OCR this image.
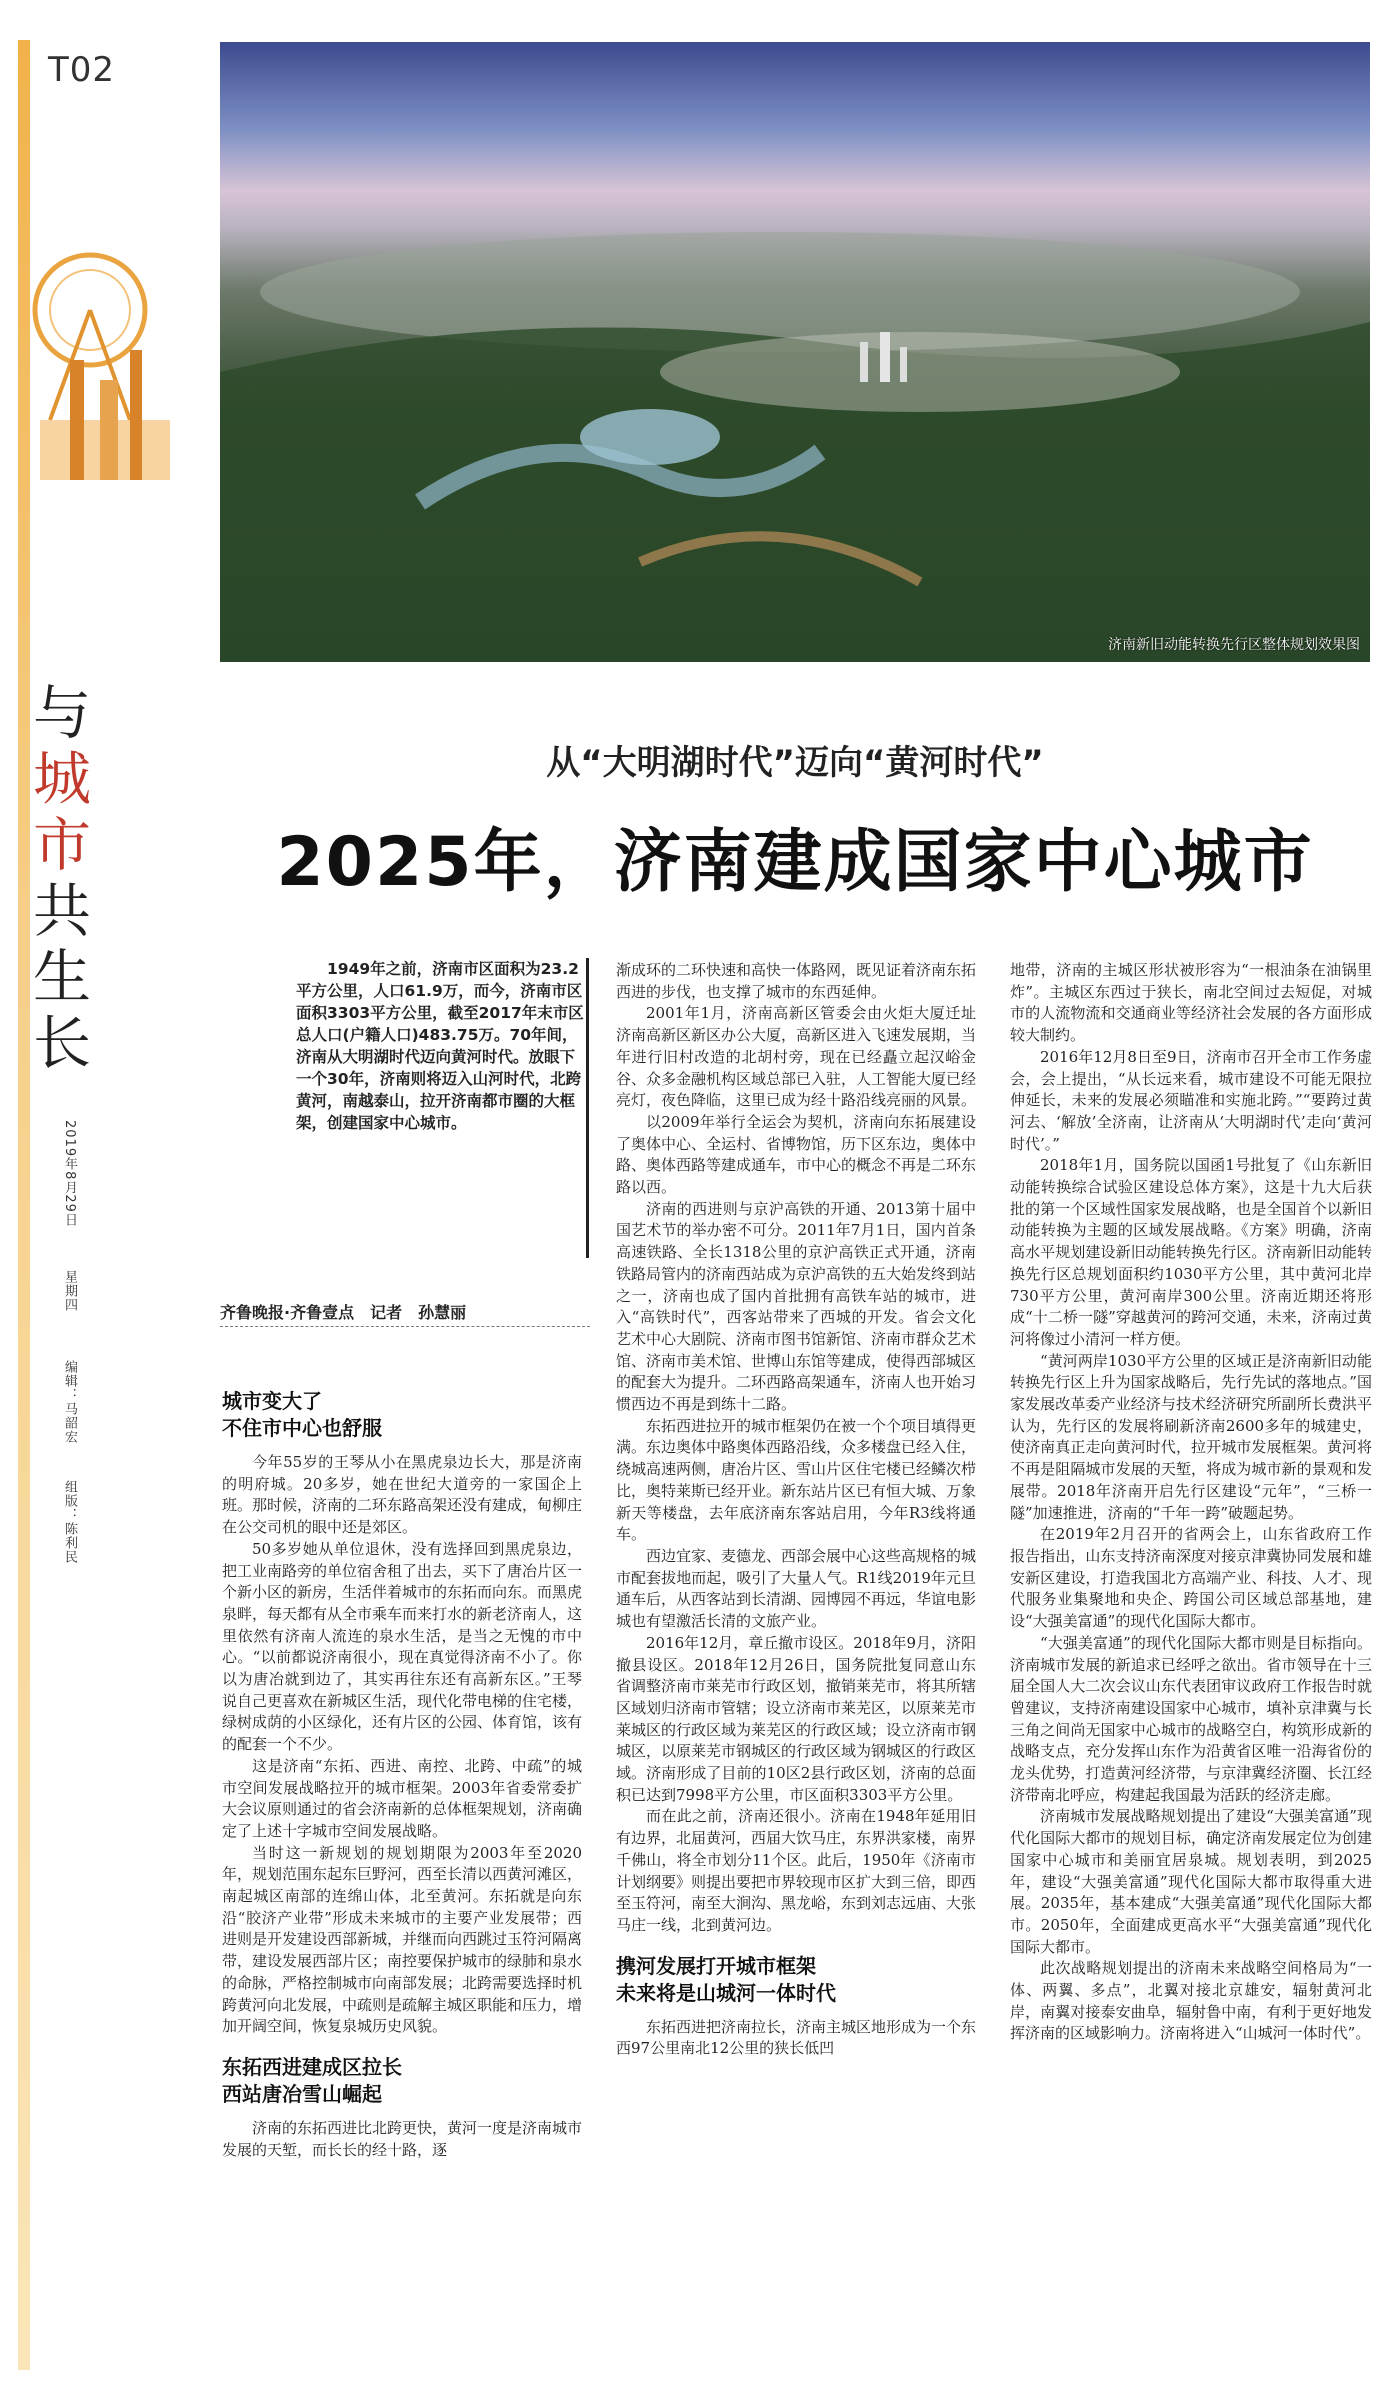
T02
与
城
市
共
生
长
2019年8月29日
星期四
编辑：马韶宏
组版：陈利民
济南新旧动能转换先行区整体规划效果图
从“大明湖时代”迈向“黄河时代”
2025年，济南建成国家中心城市
1949年之前，济南市区面积为23.2平方公里，人口61.9万，而今，济南市区面积3303平方公里，截至2017年末市区总人口(户籍人口)483.75万。70年间，济南从大明湖时代迈向黄河时代。放眼下一个30年，济南则将迈入山河时代，北跨黄河，南越泰山，拉开济南都市圈的大框架，创建国家中心城市。
齐鲁晚报·齐鲁壹点　记者　孙慧丽
城市变大了
不住市中心也舒服

今年55岁的王琴从小在黑虎泉边长大，那是济南的明府城。20多岁，她在世纪大道旁的一家国企上班。那时候，济南的二环东路高架还没有建成，甸柳庄在公交司机的眼中还是郊区。

50多岁她从单位退休，没有选择回到黑虎泉边，把工业南路旁的单位宿舍租了出去，买下了唐冶片区一个新小区的新房，生活伴着城市的东拓而向东。而黑虎泉畔，每天都有从全市乘车而来打水的新老济南人，这里依然有济南人流连的泉水生活，是当之无愧的市中心。“以前都说济南很小，现在真觉得济南不小了。你以为唐冶就到边了，其实再往东还有高新东区。”王琴说自己更喜欢在新城区生活，现代化带电梯的住宅楼，绿树成荫的小区绿化，还有片区的公园、体育馆，该有的配套一个不少。

这是济南“东拓、西进、南控、北跨、中疏”的城市空间发展战略拉开的城市框架。2003年省委常委扩大会议原则通过的省会济南新的总体框架规划，济南确定了上述十字城市空间发展战略。

当时这一新规划的规划期限为2003年至2020年，规划范围东起东巨野河，西至长清以西黄河滩区，南起城区南部的连绵山体，北至黄河。东拓就是向东沿“胶济产业带”形成未来城市的主要产业发展带；西进则是开发建设西部新城，并继而向西跳过玉符河隔离带，建设发展西部片区；南控要保护城市的绿肺和泉水的命脉，严格控制城市向南部发展；北跨需要选择时机跨黄河向北发展，中疏则是疏解主城区职能和压力，增加开阔空间，恢复泉城历史风貌。

东拓西进建成区拉长
西站唐冶雪山崛起

济南的东拓西进比北跨更快，黄河一度是济南城市发展的天堑，而长长的经十路，逐

渐成环的二环快速和高快一体路网，既见证着济南东拓西进的步伐，也支撑了城市的东西延伸。

2001年1月，济南高新区管委会由火炬大厦迁址济南高新区新区办公大厦，高新区进入飞速发展期，当年进行旧村改造的北胡村旁，现在已经矗立起汉峪金谷、众多金融机构区域总部已入驻，人工智能大厦已经亮灯，夜色降临，这里已成为经十路沿线亮丽的风景。

以2009年举行全运会为契机，济南向东拓展建设了奥体中心、全运村、省博物馆，历下区东边，奥体中路、奥体西路等建成通车，市中心的概念不再是二环东路以西。

济南的西进则与京沪高铁的开通、2013第十届中国艺术节的举办密不可分。2011年7月1日，国内首条高速铁路、全长1318公里的京沪高铁正式开通，济南铁路局管内的济南西站成为京沪高铁的五大始发终到站之一，济南也成了国内首批拥有高铁车站的城市，进入“高铁时代”，西客站带来了西城的开发。省会文化艺术中心大剧院、济南市图书馆新馆、济南市群众艺术馆、济南市美术馆、世博山东馆等建成，使得西部城区的配套大为提升。二环西路高架通车，济南人也开始习惯西边不再是到练十二路。

东拓西进拉开的城市框架仍在被一个个项目填得更满。东边奥体中路奥体西路沿线，众多楼盘已经入住，绕城高速两侧，唐冶片区、雪山片区住宅楼已经鳞次栉比，奥特莱斯已经开业。新东站片区已有恒大城、万象新天等楼盘，去年底济南东客站启用，今年R3线将通车。

西边宜家、麦德龙、西部会展中心这些高规格的城市配套拔地而起，吸引了大量人气。R1线2019年元旦通车后，从西客站到长清湖、园博园不再远，华谊电影城也有望激活长清的文旅产业。

2016年12月，章丘撤市设区。2018年9月，济阳撤县设区。2018年12月26日，国务院批复同意山东省调整济南市莱芜市行政区划，撤销莱芜市，将其所辖区域划归济南市管辖；设立济南市莱芜区，以原莱芜市莱城区的行政区域为莱芜区的行政区域；设立济南市钢城区，以原莱芜市钢城区的行政区域为钢城区的行政区域。济南形成了目前的10区2县行政区划，济南的总面积已达到7998平方公里，市区面积3303平方公里。

而在此之前，济南还很小。济南在1948年延用旧有边界，北届黄河，西届大饮马庄，东界洪家楼，南界千佛山，将全市划分11个区。此后，1950年《济南市计划纲要》则提出要把市界较现市区扩大到三倍，即西至玉符河，南至大涧沟、黑龙峪，东到刘志远庙、大张马庄一线，北到黄河边。

携河发展打开城市框架
未来将是山城河一体时代

东拓西进把济南拉长，济南主城区地形成为一个东西97公里南北12公里的狭长低凹

地带，济南的主城区形状被形容为“一根油条在油锅里炸”。主城区东西过于狭长，南北空间过去短促，对城市的人流物流和交通商业等经济社会发展的各方面形成较大制约。

2016年12月8日至9日，济南市召开全市工作务虚会，会上提出，“从长远来看，城市建设不可能无限拉伸延长，未来的发展必须瞄准和实施北跨。”“要跨过黄河去、‘解放’全济南，让济南从‘大明湖时代’走向‘黄河时代’。”

2018年1月，国务院以国函1号批复了《山东新旧动能转换综合试验区建设总体方案》，这是十九大后获批的第一个区域性国家发展战略，也是全国首个以新旧动能转换为主题的区域发展战略。《方案》明确，济南高水平规划建设新旧动能转换先行区。济南新旧动能转换先行区总规划面积约1030平方公里，其中黄河北岸730平方公里，黄河南岸300公里。济南近期还将形成“十二桥一隧”穿越黄河的跨河交通，未来，济南过黄河将像过小清河一样方便。

“黄河两岸1030平方公里的区域正是济南新旧动能转换先行区上升为国家战略后，先行先试的落地点。”国家发展改革委产业经济与技术经济研究所副所长费洪平认为，先行区的发展将刷新济南2600多年的城建史，使济南真正走向黄河时代，拉开城市发展框架。黄河将不再是阻隔城市发展的天堑，将成为城市新的景观和发展带。2018年济南开启先行区建设“元年”，“三桥一隧”加速推进，济南的“千年一跨”破题起势。

在2019年2月召开的省两会上，山东省政府工作报告指出，山东支持济南深度对接京津冀协同发展和雄安新区建设，打造我国北方高端产业、科技、人才、现代服务业集聚地和央企、跨国公司区域总部基地，建设“大强美富通”的现代化国际大都市。

“大强美富通”的现代化国际大都市则是目标指向。济南城市发展的新追求已经呼之欲出。省市领导在十三届全国人大二次会议山东代表团审议政府工作报告时就曾建议，支持济南建设国家中心城市，填补京津冀与长三角之间尚无国家中心城市的战略空白，构筑形成新的战略支点，充分发挥山东作为沿黄省区唯一沿海省份的龙头优势，打造黄河经济带，与京津冀经济圈、长江经济带南北呼应，构建起我国最为活跃的经济走廊。

济南城市发展战略规划提出了建设“大强美富通”现代化国际大都市的规划目标，确定济南发展定位为创建国家中心城市和美丽宜居泉城。规划表明，到2025年，建设“大强美富通”现代化国际大都市取得重大进展。2035年，基本建成“大强美富通”现代化国际大都市。2050年，全面建成更高水平“大强美富通”现代化国际大都市。

此次战略规划提出的济南未来战略空间格局为“一体、两翼、多点”，北翼对接北京雄安，辐射黄河北岸，南翼对接泰安曲阜，辐射鲁中南，有利于更好地发挥济南的区域影响力。济南将进入“山城河一体时代”。
